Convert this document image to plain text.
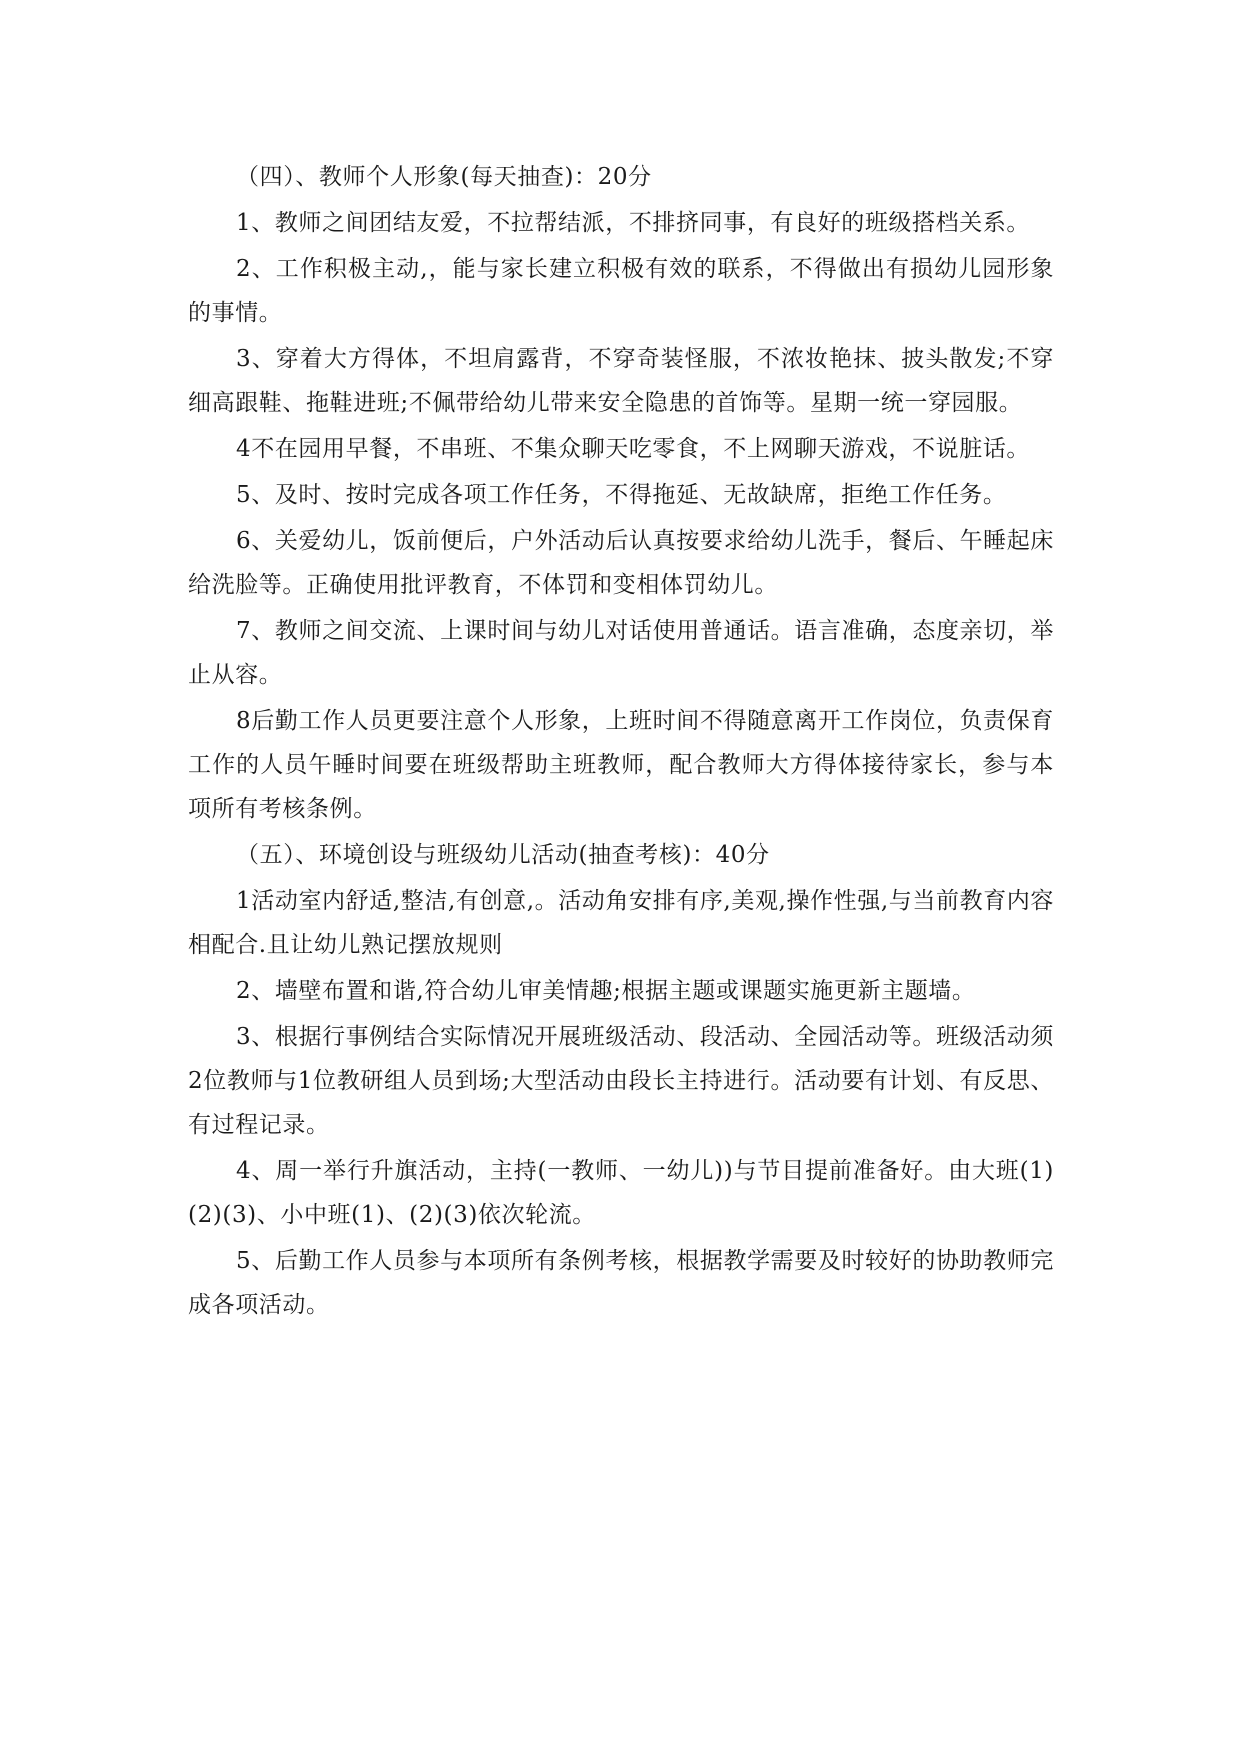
（四）、教师个人形象(每天抽查)：20分

1、教师之间团结友爱，不拉帮结派，不排挤同事，有良好的班级搭档关系。

2、工作积极主动,，能与家长建立积极有效的联系，不得做出有损幼儿园形象的事情。

3、穿着大方得体，不坦肩露背，不穿奇装怪服，不浓妆艳抹、披头散发;不穿细高跟鞋、拖鞋进班;不佩带给幼儿带来安全隐患的首饰等。星期一统一穿园服。

4不在园用早餐，不串班、不集众聊天吃零食，不上网聊天游戏，不说脏话。

5、及时、按时完成各项工作任务，不得拖延、无故缺席，拒绝工作任务。

6、关爱幼儿，饭前便后，户外活动后认真按要求给幼儿洗手，餐后、午睡起床给洗脸等。正确使用批评教育，不体罚和变相体罚幼儿。

7、教师之间交流、上课时间与幼儿对话使用普通话。语言准确，态度亲切，举止从容。

8后勤工作人员更要注意个人形象，上班时间不得随意离开工作岗位，负责保育工作的人员午睡时间要在班级帮助主班教师，配合教师大方得体接待家长，参与本项所有考核条例。

（五）、环境创设与班级幼儿活动(抽查考核)：40分

1活动室内舒适,整洁,有创意,。活动角安排有序,美观,操作性强,与当前教育内容相配合.且让幼儿熟记摆放规则

2、墙壁布置和谐,符合幼儿审美情趣;根据主题或课题实施更新主题墙。

3、根据行事例结合实际情况开展班级活动、段活动、全园活动等。班级活动须2位教师与1位教研组人员到场;大型活动由段长主持进行。活动要有计划、有反思、有过程记录。

4、周一举行升旗活动，主持(一教师、一幼儿))与节目提前准备好。由大班(1)(2)(3)、小中班(1)、(2)(3)依次轮流。

5、后勤工作人员参与本项所有条例考核，根据教学需要及时较好的协助教师完成各项活动。
